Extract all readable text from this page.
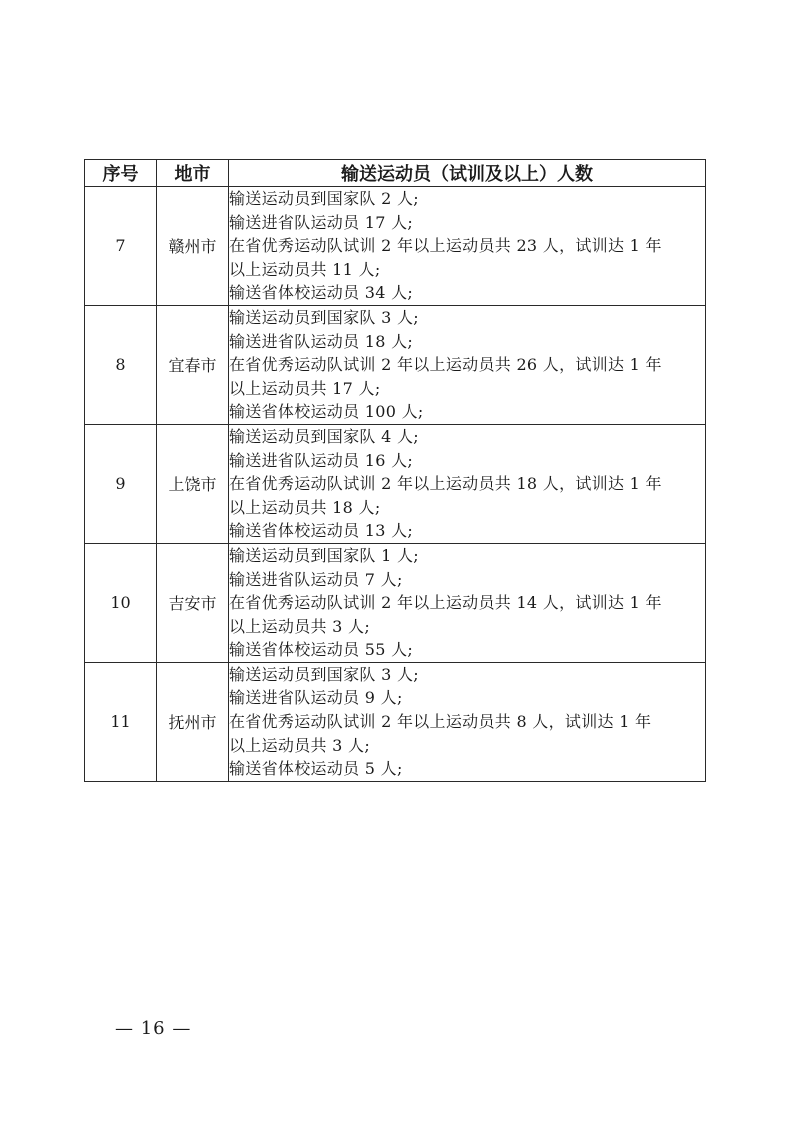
序号	地市	输送运动员（试训及以上）人数
7	赣州市	输送运动员到国家队 2 人;
输送进省队运动员 17 人;
在省优秀运动队试训 2 年以上运动员共 23 人，试训达 1 年
以上运动员共 11 人;
输送省体校运动员 34 人;

8	宜春市	输送运动员到国家队 3 人;
输送进省队运动员 18 人;
在省优秀运动队试训 2 年以上运动员共 26 人，试训达 1 年
以上运动员共 17 人;
输送省体校运动员 100 人;

9	上饶市	输送运动员到国家队 4 人;
输送进省队运动员 16 人;
在省优秀运动队试训 2 年以上运动员共 18 人，试训达 1 年
以上运动员共 18 人;
输送省体校运动员 13 人;

10	吉安市	输送运动员到国家队 1 人;
输送进省队运动员 7 人;
在省优秀运动队试训 2 年以上运动员共 14 人，试训达 1 年
以上运动员共 3 人;
输送省体校运动员 55 人;

11	抚州市	输送运动员到国家队 3 人;
输送进省队运动员 9 人;
在省优秀运动队试训 2 年以上运动员共 8 人，试训达 1 年
以上运动员共 3 人;
输送省体校运动员 5 人;
— 16 —
